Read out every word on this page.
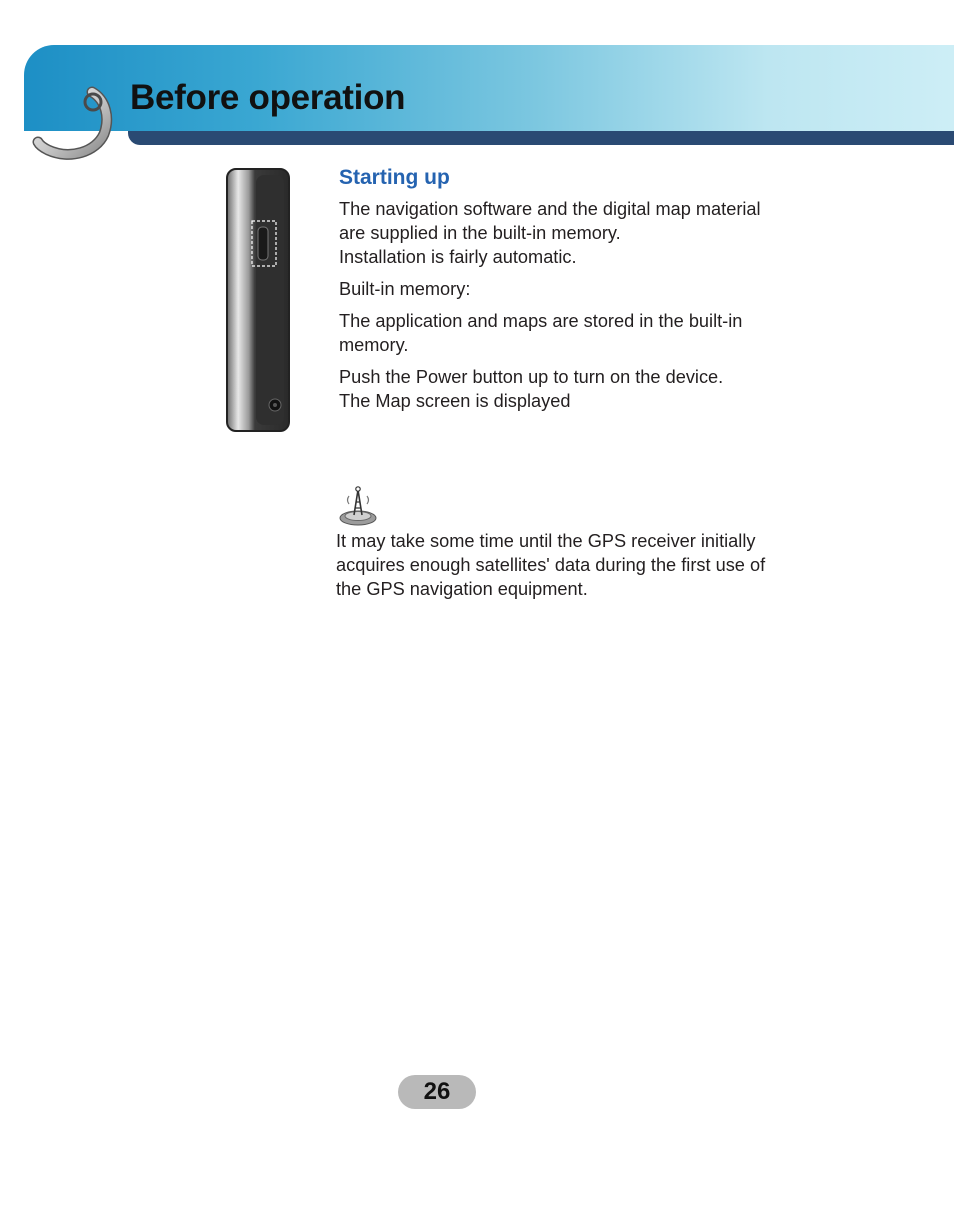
Before operation
Starting up

The navigation software and the digital map material
are supplied in the built-in memory.
Installation is fairly automatic.

Built-in memory:

The application and maps are stored in the built-in
memory.

Push the Power button up to turn on the device.
The Map screen is displayed

It may take some time until the GPS receiver initially
acquires enough satellites' data during the first use of
the GPS navigation equipment.

26
